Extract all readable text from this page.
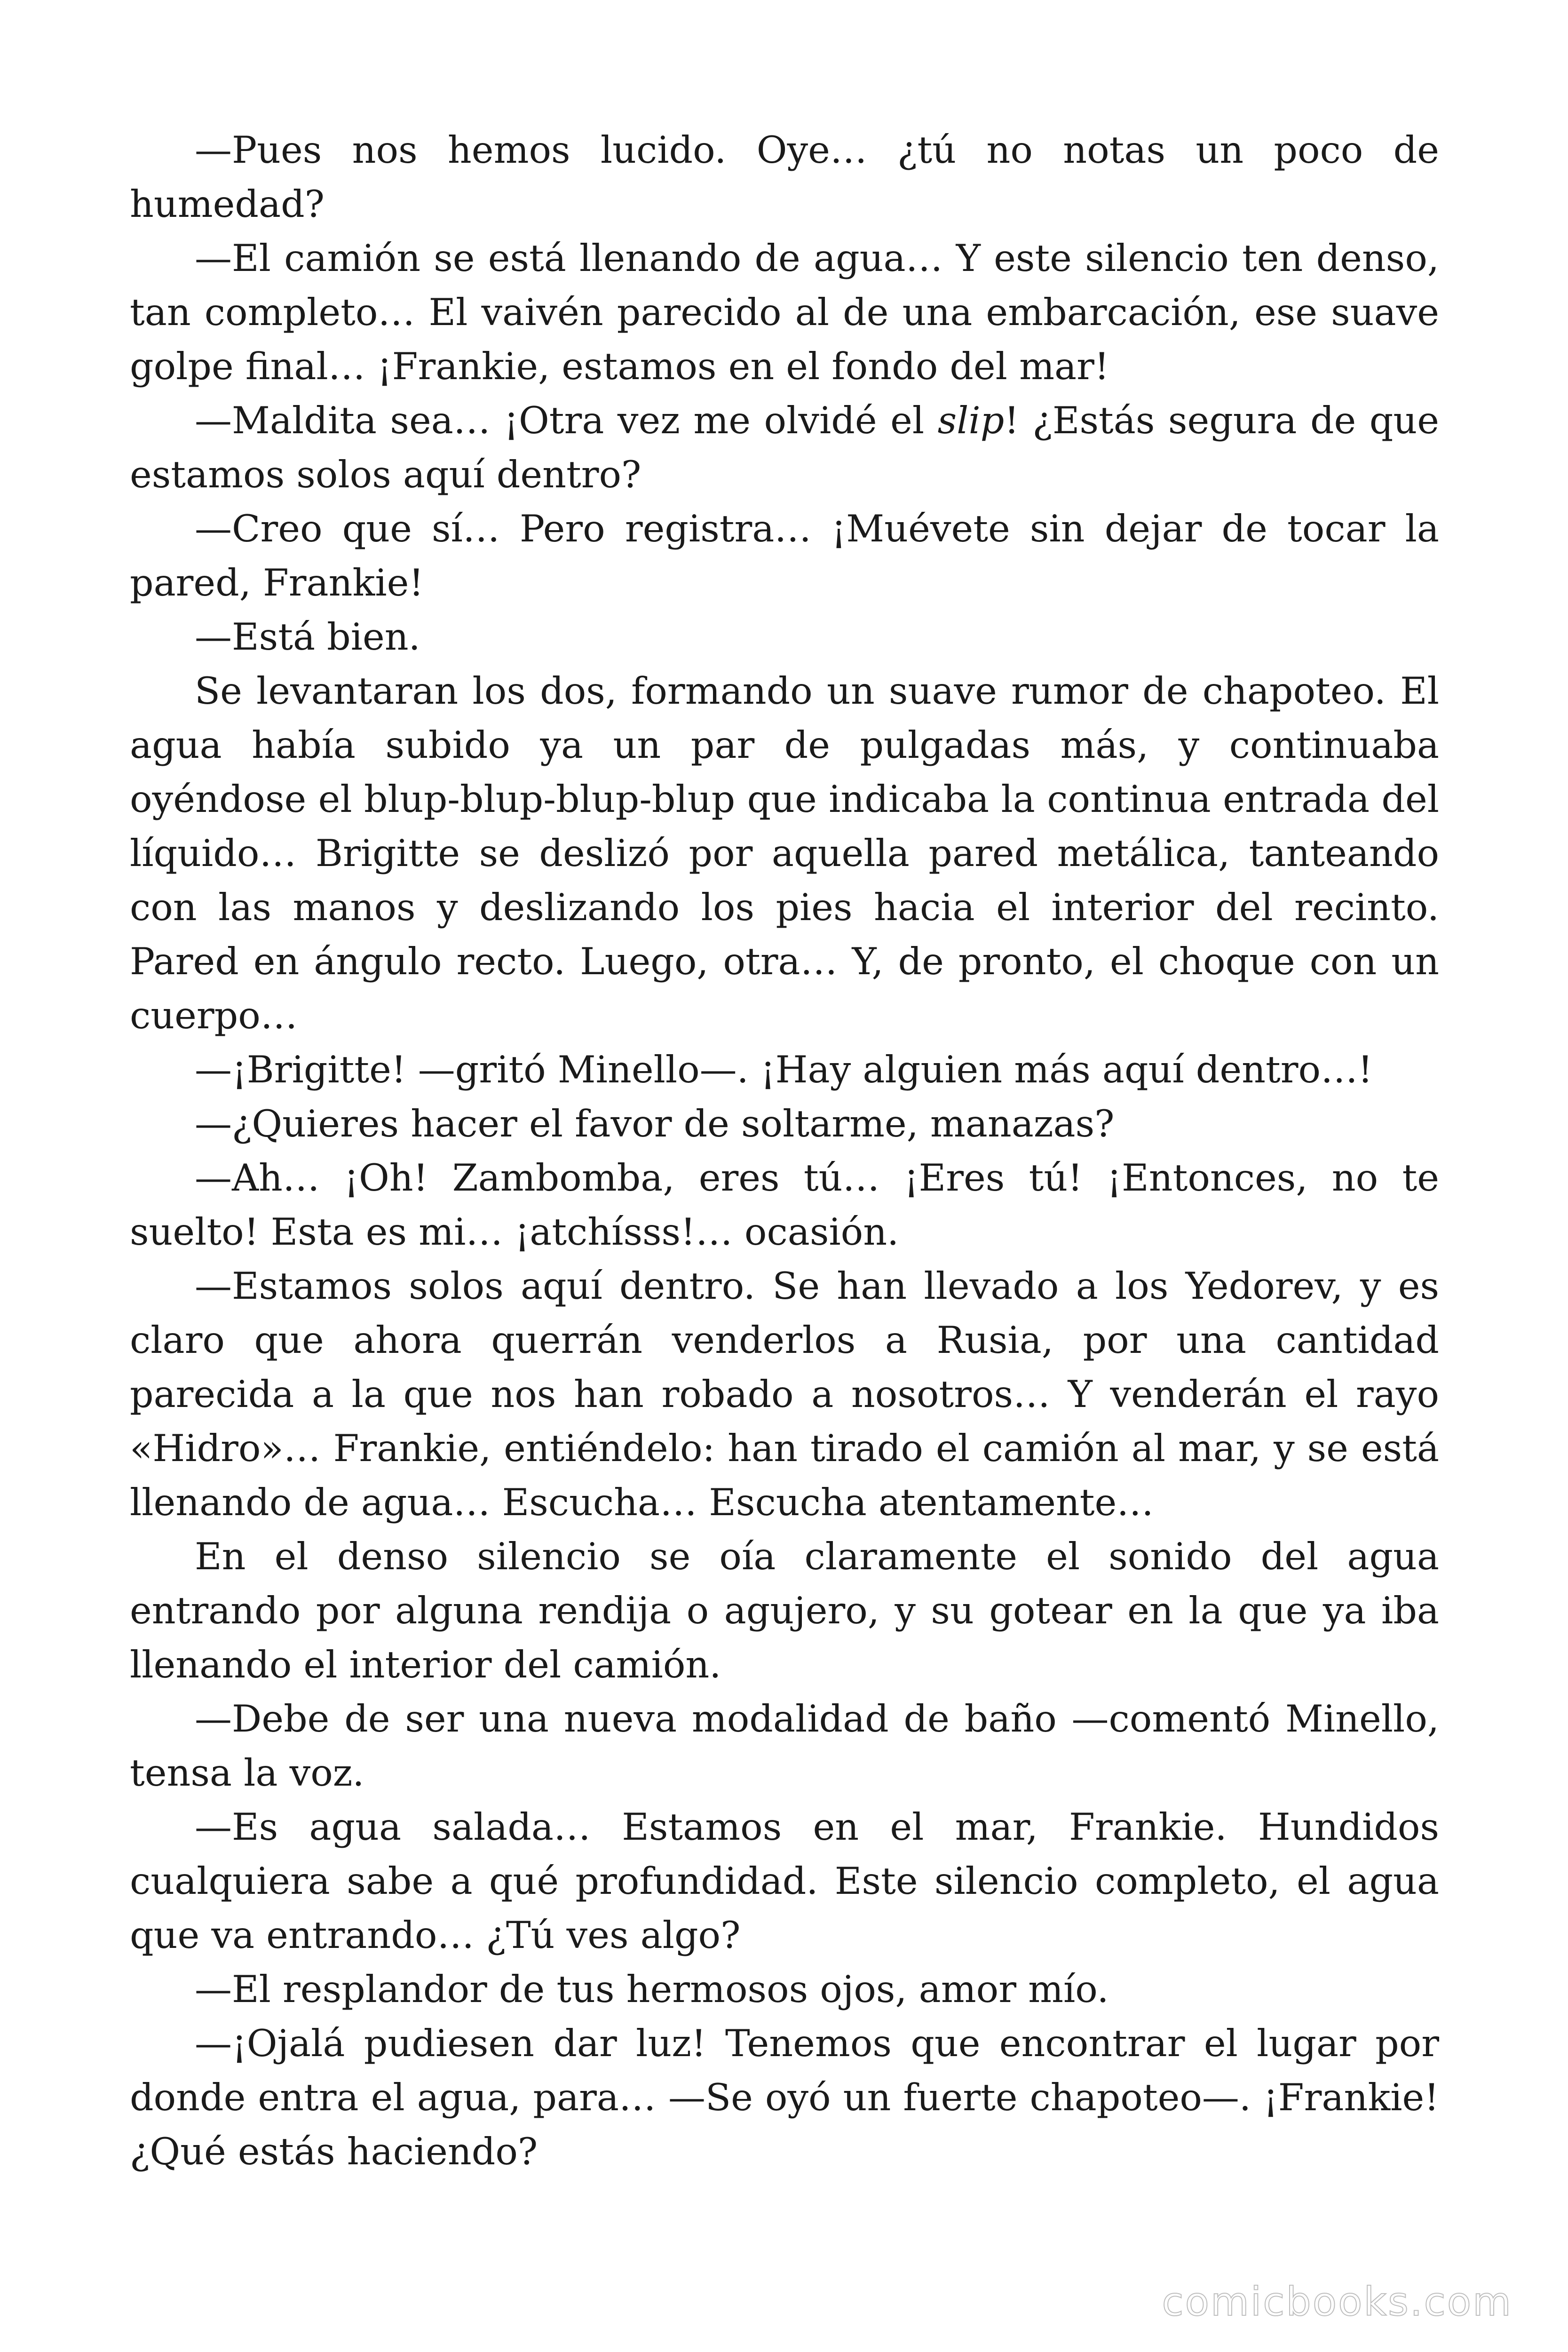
—Pues nos hemos lucido. Oye… ¿tú no notas un poco de humedad?

—El camión se está llenando de agua… Y este silencio ten denso, tan completo… El vaivén parecido al de una embarcación, ese suave golpe final… ¡Frankie, estamos en el fondo del mar!

—Maldita sea… ¡Otra vez me olvidé el slip! ¿Estás segura de que estamos solos aquí dentro?

—Creo que sí… Pero registra… ¡Muévete sin dejar de tocar la pared, Frankie!

—Está bien.

Se levantaran los dos, formando un suave rumor de chapoteo. El agua había subido ya un par de pulgadas más, y continuaba oyéndose el blup-blup-blup-blup que indicaba la continua entrada del líquido… Brigitte se deslizó por aquella pared metálica, tanteando con las manos y deslizando los pies hacia el interior del recinto. Pared en ángulo recto. Luego, otra… Y, de pronto, el choque con un cuerpo…

—¡Brigitte! —gritó Minello—. ¡Hay alguien más aquí dentro…!

—¿Quieres hacer el favor de soltarme, manazas?

—Ah… ¡Oh! Zambomba, eres tú… ¡Eres tú! ¡Entonces, no te suelto! Esta es mi… ¡atchísss!… ocasión.

—Estamos solos aquí dentro. Se han llevado a los Yedorev, y es claro que ahora querrán venderlos a Rusia, por una cantidad parecida a la que nos han robado a nosotros… Y venderán el rayo «Hidro»… Frankie, entiéndelo: han tirado el camión al mar, y se está llenando de agua… Escucha… Escucha atentamente…

En el denso silencio se oía claramente el sonido del agua entrando por alguna rendija o agujero, y su gotear en la que ya iba llenando el interior del camión.

—Debe de ser una nueva modalidad de baño —comentó Minello, tensa la voz.

—Es agua salada… Estamos en el mar, Frankie. Hundidos cualquiera sabe a qué profundidad. Este silencio completo, el agua que va entrando… ¿Tú ves algo?

—El resplandor de tus hermosos ojos, amor mío.

—¡Ojalá pudiesen dar luz! Tenemos que encontrar el lugar por donde entra el agua, para… —Se oyó un fuerte chapoteo—. ¡Frankie! ¿Qué estás haciendo?

comicbooks.com
